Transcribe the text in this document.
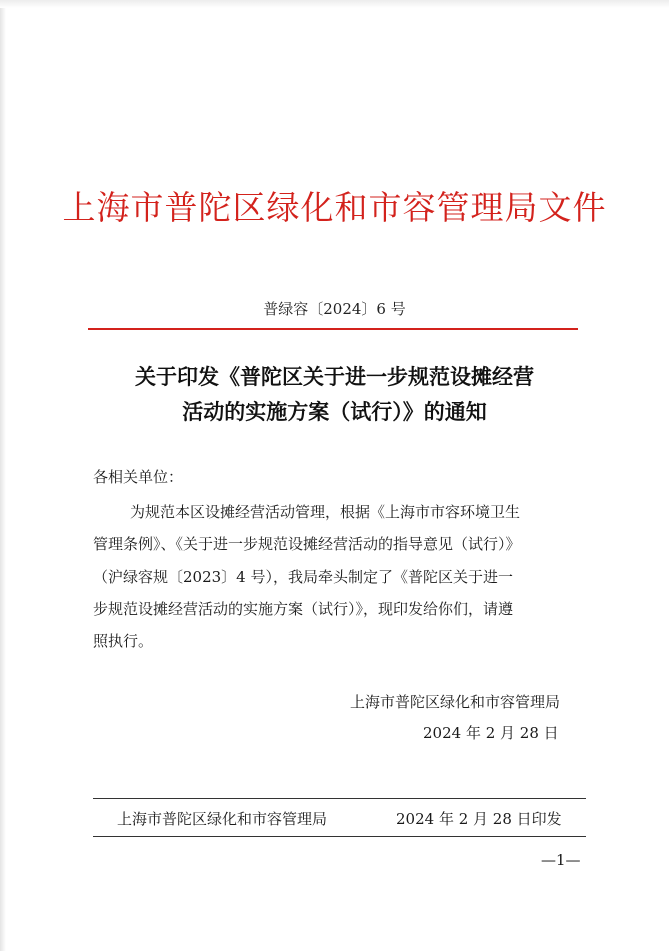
上海市普陀区绿化和市容管理局文件
普绿容〔2024〕6 号
关于印发《普陀区关于进一步规范设摊经营
活动的实施方案（试行）》的通知
各相关单位：
为规范本区设摊经营活动管理，根据《上海市市容环境卫生
管理条例》、《关于进一步规范设摊经营活动的指导意见（试行）》
（沪绿容规〔2023〕4 号），我局牵头制定了《普陀区关于进一
步规范设摊经营活动的实施方案（试行）》，现印发给你们，请遵
照执行。
上海市普陀区绿化和市容管理局
2024 年 2 月 28 日
上海市普陀区绿化和市容管理局	2024 年 2 月 28 日印发
—1—
